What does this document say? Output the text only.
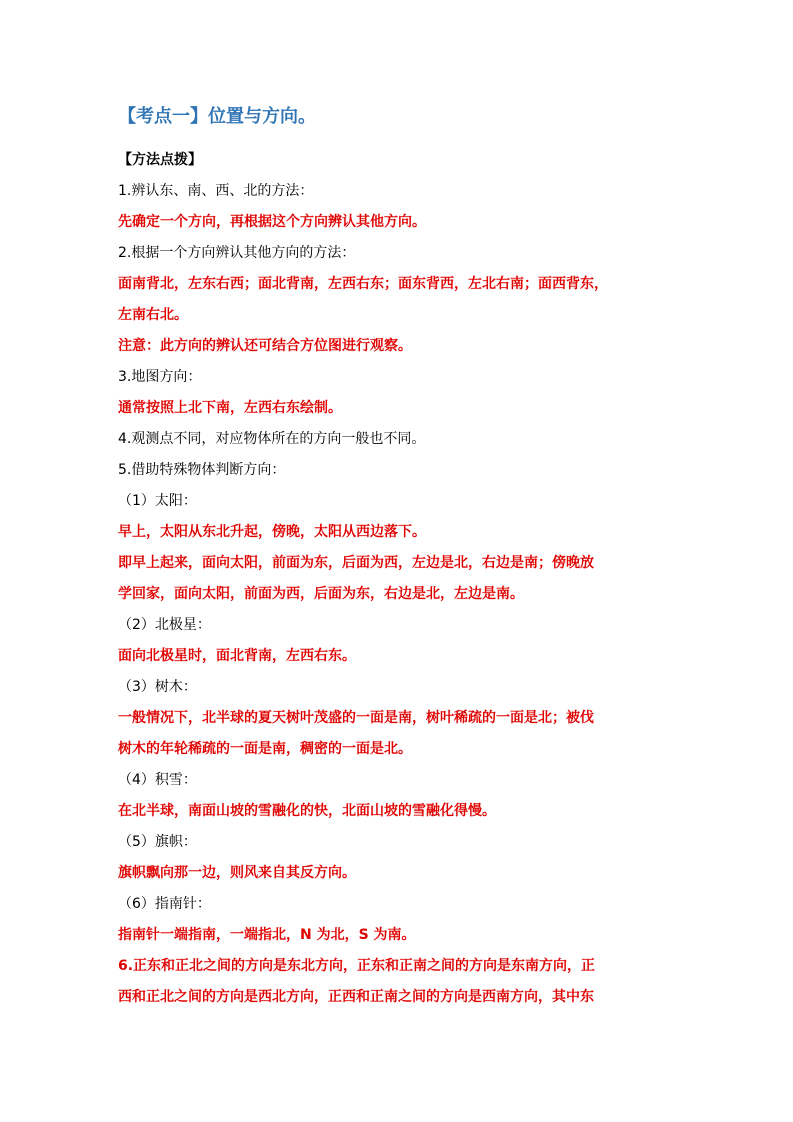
【考点一】位置与方向。
【方法点拨】
1.辨认东、南、西、北的方法：
先确定一个方向，再根据这个方向辨认其他方向。
2.根据一个方向辨认其他方向的方法：
面南背北，左东右西；面北背南，左西右东；面东背西，左北右南；面西背东，
左南右北。
注意：此方向的辨认还可结合方位图进行观察。
3.地图方向：
通常按照上北下南，左西右东绘制。
4.观测点不同，对应物体所在的方向一般也不同。
5.借助特殊物体判断方向：
（1）太阳：
早上，太阳从东北升起，傍晚，太阳从西边落下。
即早上起来，面向太阳，前面为东，后面为西，左边是北，右边是南；傍晚放
学回家，面向太阳，前面为西，后面为东，右边是北，左边是南。
（2）北极星：
面向北极星时，面北背南，左西右东。
（3）树木：
一般情况下，北半球的夏天树叶茂盛的一面是南，树叶稀疏的一面是北；被伐
树木的年轮稀疏的一面是南，稠密的一面是北。
（4）积雪：
在北半球，南面山坡的雪融化的快，北面山坡的雪融化得慢。
（5）旗帜：
旗帜飘向那一边，则风来自其反方向。
（6）指南针：
指南针一端指南，一端指北，N 为北，S 为南。
6.正东和正北之间的方向是东北方向，正东和正南之间的方向是东南方向，正
西和正北之间的方向是西北方向，正西和正南之间的方向是西南方向，其中东
